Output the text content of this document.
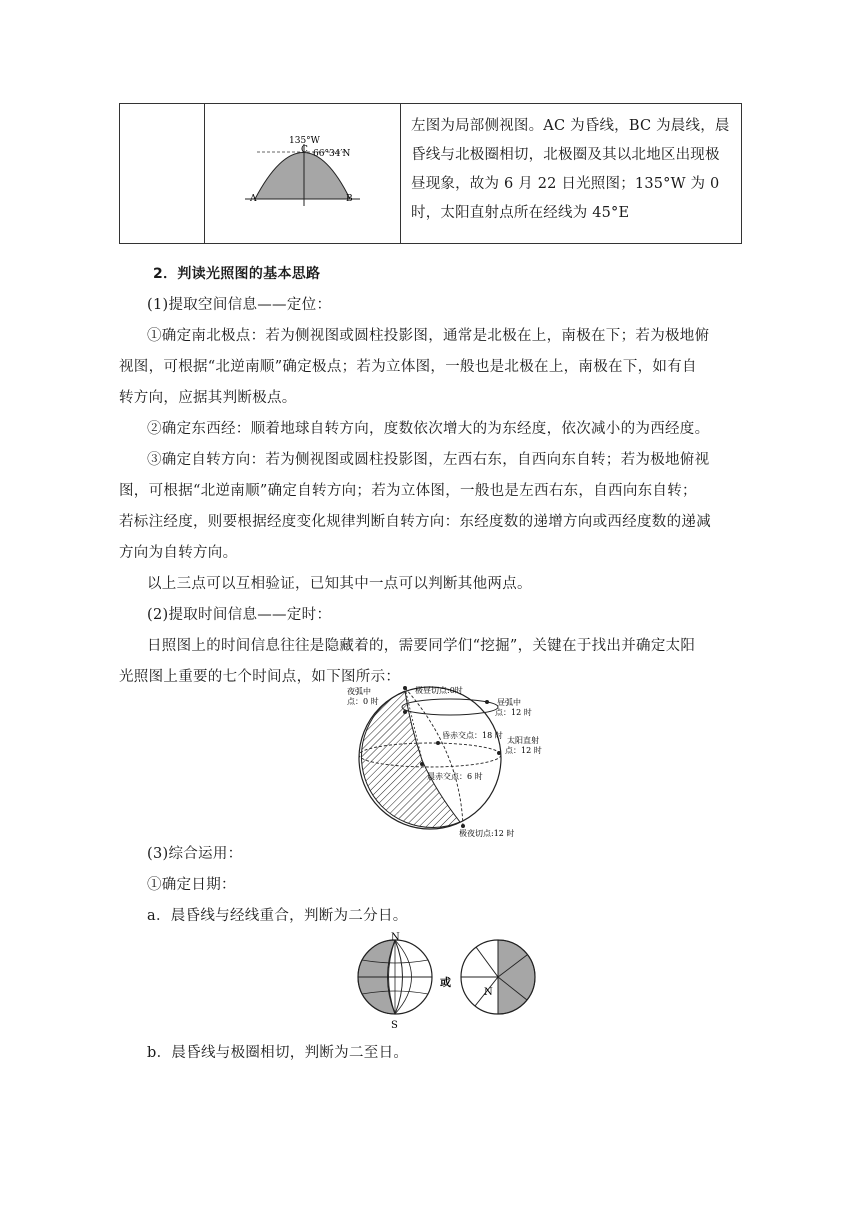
135°W
C 66°34′N
A	B
	左图为局部侧视图。AC 为昏线，BC 为晨线，晨昏线与北极圈相切，北极圈及其以北地区出现极昼现象，故为 6 月 22 日光照图；135°W 为 0 时，太阳直射点所在经线为 45°E
2．判读光照图的基本思路
(1)提取空间信息——定位：
①确定南北极点：若为侧视图或圆柱投影图，通常是北极在上，南极在下；若为极地俯
视图，可根据“北逆南顺”确定极点；若为立体图，一般也是北极在上，南极在下，如有自
转方向，应据其判断极点。
②确定东西经：顺着地球自转方向，度数依次增大的为东经度，依次减小的为西经度。
③确定自转方向：若为侧视图或圆柱投影图，左西右东，自西向东自转；若为极地俯视
图，可根据“北逆南顺”确定自转方向；若为立体图，一般也是左西右东，自西向东自转；
若标注经度，则要根据经度变化规律判断自转方向：东经度数的递增方向或西经度数的递减
方向为自转方向。
以上三点可以互相验证，已知其中一点可以判断其他两点。
(2)提取时间信息——定时：
日照图上的时间信息往往是隐藏着的，需要同学们“挖掘”，关键在于找出并确定太阳
光照图上重要的七个时间点，如下图所示：
夜弧中
点：0 时
极昼切点:0时
昼弧中
点：12 时
昏赤交点：18 时
太阳直射
点：12 时
晨赤交点：6 时
极夜切点:12 时
(3)综合运用：
①确定日期：
a．晨昏线与经线重合，判断为二分日。
N
S
或
N
b．晨昏线与极圈相切，判断为二至日。
